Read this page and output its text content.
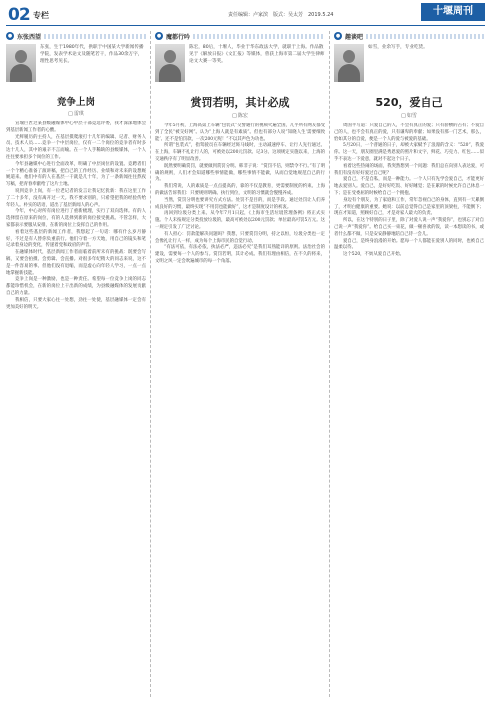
02 专栏	责任编辑：卢家滨　版式：吴太芳　2019.5.24	十堰周刊
● 东张西望

东张，生于1980年代，供职于中国某大学新闻传播学院，发表学术论文及随笔若干，作品30余万字，理性思考见长。

竞争上岗
□ 雷琪

宣瑜巨匠过某县级融媒体中心中层干部竞选评委，我才深深地体会到基层新闻工作者的心酸。

光鲜履历的主持人，在基层摸爬滚打十几年的编辑、记者、财务人员、技术人员……竞争一个中层岗位，仅有一二个岗位的竞争者有时多达十几人，其中的艰辛不言而喻。在一个人手稀缺的县级媒体，一个人往往要承担多个岗位的工作。

今年县融媒中心进行全面改革，明确了中层岗位的设置。竞聘者们一个个精心准备了演讲稿，把自己的工作经历、业绩和对未来的设想娓娓道来。他们中有的人在基层一干就是几十年，为了一条新闻往往熬夜写稿，把青春奉献给了这片土地。

说到竞争上岗，有一位老记者的发言让我记忆犹新：我在这里工作了二十多年，没有离开过一天。我不要求别的，只希望把我的经验传给年轻人。朴实的话语，道出了基层新闻人的心声。

今年，中心对所有岗位进行了重新梳理，实行了双向选择。有的人选择留在原来的岗位，有的人选择到新的岗位接受挑战。不管怎样，大家都表示要服从安排，在新的岗位上发挥自己的作用。

看着这些基层的新闻工作者，我想起了一句话：哪有什么岁月静好，不过是有人替你负重前行。他们守着一方天地，用自己的镜头和笔记录着身边的变化，传递着党和政府的声音。

在融媒体时代，基层新闻工作者面临着前所未有的挑战：既要会写稿，又要会拍摄、会剪辑、会直播。对很多年纪稍大的同志来说，这不是一件容易的事。但他们没有退缩，而是虚心向年轻人学习，一点一点地掌握新技能。

竞争上岗是一种激励，也是一种责任。希望每一位竞争上岗的同志都能珍惜机会，在新的岗位上干出新的成绩，为县级融媒体的发展贡献自己的力量。

我相信，只要大家心往一处想，劲往一处使，基层融媒体一定会有更加美好的明天。

● 魔都行吟

陈宏，80后，十堰人，毕业于华东政法大学，就职于上海。作品散见于《解放日报》《文汇报》等媒体，曾获上海市第二届大学生律师论文大赛一等奖。

赏罚若明，其计必成
□ 陈宏

今年5月初，上海高第上车辆“包装式”交警通行的视频火遍全国，几乎所有网友都受到了全民“被交好网”。认为“上海人就是有素质”。但也有部分人说“知晓人生‘需要细致能’、还不是怕罚款，一次200元呢！”不以其声色为功也。

所谓“包装式”，指驾驶员在车辆经过斑马线时，主动减速停车、让行人先行通过。在上海，车辆不礼让行人的，可被处以200元罚款、记3分。这项规定实施以来，上海的交通秩序有了明显改善。

既然要明确赏罚，就要做到赏罚分明。韩非子说：“赏罚不信，则禁令不行。”有了明确的规则，人们才会知道哪些事情能做，哪些事情不能做，从而自觉地规范自己的行为。

我们常说，人的素质是一点点提高的，靠的不仅是教育，更需要制度的约束。上海的做法告诉我们：只要规则明确、执行到位，文明的习惯就会慢慢养成。

当然，赏罚分明也要讲究方式方法。处罚不是目的，而是手段。通过处罚让人们养成良好的习惯，最终实现“不用罚也能做好”，这才是制度设计的初衷。

再回到垃圾分类上来。从今年7月1日起，《上海市生活垃圾管理条例》将正式实施。个人未按规定分类投放垃圾的，最高可被处以200元罚款；单位最高可罚5万元。这一规定引发了广泛讨论。

有人担心：罚款能解决问题吗？我想，只要赏罚分明，持之以恒，垃圾分类也一定会像礼让行人一样，成为每个上海市民的自觉行动。

“有法可依，有法必依，执法必严，违法必究”是我们耳熟能详的原则。法治社会的建设，需要每一个人的参与。赏罚若明，其计必成。我们有理由相信，在不久的将来，文明之风一定会吹遍城市的每一个角落。

● 趣谈吧

如雪，业余写手，专业吃货。

520，爱自己
□ 如雪

周国平写道：只爱自己的人，不会有真正的爱；只有骄横的占有；不爱自己的人，也不会有真正的爱，只有谦卑的奉献；如果没有那一门艺术，那么，恰如其分的自爱，便是一个人的爱与被爱的基础。

5月20日，一个普通的日子，却被大家赋予了浪漫的含义：“520”，我爱你。这一天，朋友圈里满是秀恩爱的照片和文字，鲜花、巧克力、红包……似乎不表达一下爱意，就对不起这个日子。

看着这些热闹的场面，我突然想到一个问题：我们总在向别人表达爱，可我们有没有好好爱过自己呢？

爱自己，不是自私，而是一种能力。一个人只有先学会爱自己，才能更好地去爱别人。爱自己，是好好吃饭、好好睡觉；是在累的时候允许自己休息一下；是在受委屈的时候给自己一个拥抱。

身边有个朋友，为了家庭和工作，常年忽视自己的身体，直到有一天累倒了，才明白健康的重要。她说：以前总觉得自己是家里的顶梁柱，不能倒下；现在才知道，照顾好自己，才是对家人最大的负责。

所以，在这个特别的日子里，除了对爱人说一声“我爱你”，也别忘了对自己说一声“我爱你”。给自己买一束花，做一顿喜欢的饭，读一本想读的书，或者什么都不做，只是安安静静地陪自己待一会儿。

爱自己，是终身浪漫的开始。愿每一个人都能在爱别人的同时，也被自己温柔以待。

这个520，不妨从爱自己开始。
